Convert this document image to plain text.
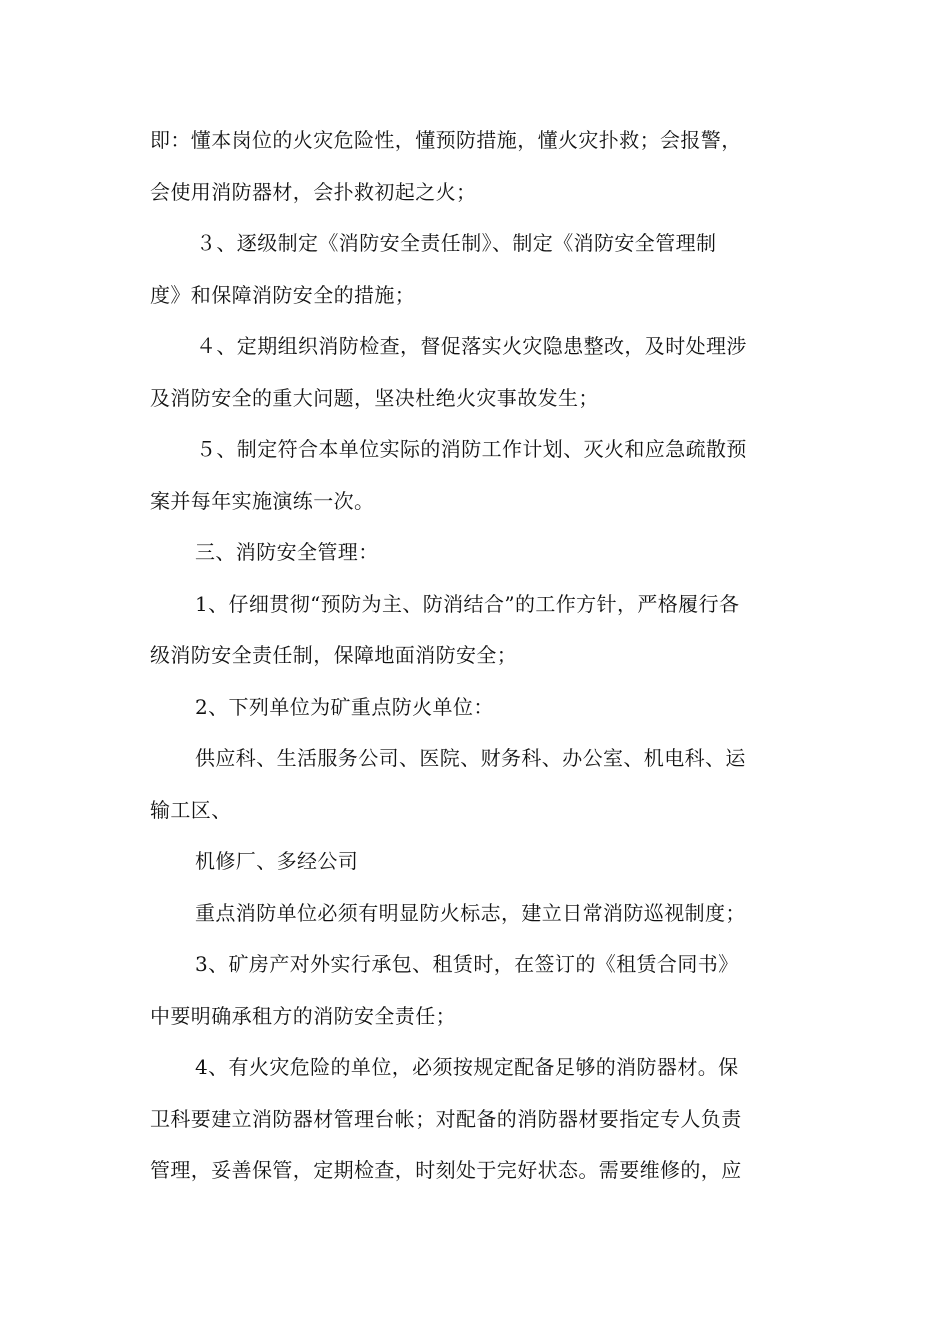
即：懂本岗位的火灾危险性，懂预防措施，懂火灾扑救；会报警，
会使用消防器材，会扑救初起之火；
３、逐级制定《消防安全责任制》、制定《消防安全管理制
度》和保障消防安全的措施；
４、定期组织消防检查，督促落实火灾隐患整改，及时处理涉
及消防安全的重大问题，坚决杜绝火灾事故发生；
５、制定符合本单位实际的消防工作计划、灭火和应急疏散预
案并每年实施演练一次。
三、消防安全管理：
1、仔细贯彻“预防为主、防消结合”的工作方针，严格履行各
级消防安全责任制，保障地面消防安全；
2、下列单位为矿重点防火单位：
供应科、生活服务公司、医院、财务科、办公室、机电科、运
输工区、
机修厂、多经公司
重点消防单位必须有明显防火标志，建立日常消防巡视制度；
3、矿房产对外实行承包、租赁时，在签订的《租赁合同书》
中要明确承租方的消防安全责任；
4、有火灾危险的单位，必须按规定配备足够的消防器材。保
卫科要建立消防器材管理台帐；对配备的消防器材要指定专人负责
管理，妥善保管，定期检查，时刻处于完好状态。需要维修的，应
